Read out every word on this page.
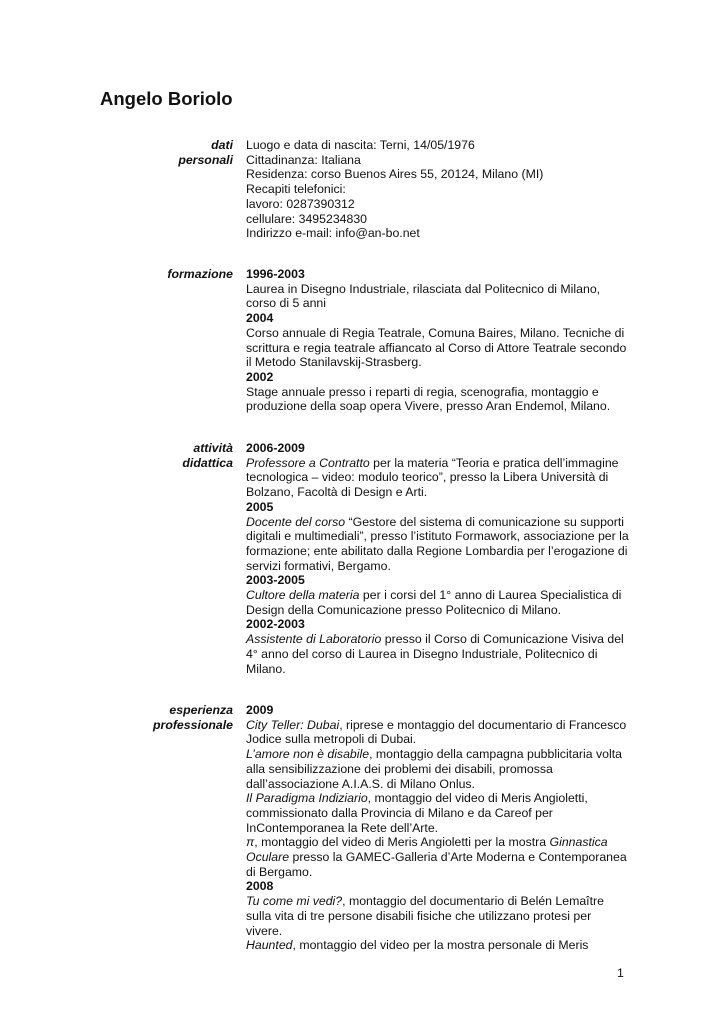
Angelo Boriolo
dati
personali
Luogo e data di nascita: Terni, 14/05/1976
Cittadinanza: Italiana
Residenza: corso Buenos Aires 55, 20124, Milano (MI)
Recapiti telefonici:
lavoro: 0287390312
cellulare: 3495234830
Indirizzo e-mail: info@an-bo.net
formazione 1996-2003
Laurea in Disegno Industriale, rilasciata dal Politecnico di Milano,
corso di 5 anni
2004
Corso annuale di Regia Teatrale, Comuna Baires, Milano. Tecniche di
scrittura e regia teatrale affiancato al Corso di Attore Teatrale secondo
il Metodo Stanilavskij-Strasberg.
2002
Stage annuale presso i reparti di regia, scenografia, montaggio e
produzione della soap opera Vivere, presso Aran Endemol, Milano.
attività
didattica
2006-2009
Professore a Contratto per la materia “Teoria e pratica dell’immagine
tecnologica – video: modulo teorico”, presso la Libera Università di
Bolzano, Facoltà di Design e Arti.
2005
Docente del corso “Gestore del sistema di comunicazione su supporti
digitali e multimediali”, presso l’istituto Formawork, associazione per la
formazione; ente abilitato dalla Regione Lombardia per l’erogazione di
servizi formativi, Bergamo.
2003-2005
Cultore della materia per i corsi del 1° anno di Laurea Specialistica di
Design della Comunicazione presso Politecnico di Milano.
2002-2003
Assistente di Laboratorio presso il Corso di Comunicazione Visiva del
4° anno del corso di Laurea in Disegno Industriale, Politecnico di
Milano.
esperienza
professionale
2009
City Teller: Dubai, riprese e montaggio del documentario di Francesco
Jodice sulla metropoli di Dubai.
L’amore non è disabile, montaggio della campagna pubblicitaria volta
alla sensibilizzazione dei problemi dei disabili, promossa
dall’associazione A.I.A.S. di Milano Onlus.
Il Paradigma Indiziario, montaggio del video di Meris Angioletti,
commissionato dalla Provincia di Milano e da Careof per
InContemporanea la Rete dell’Arte.
π, montaggio del video di Meris Angioletti per la mostra Ginnastica
Oculare presso la GAMEC-Galleria d’Arte Moderna e Contemporanea
di Bergamo.
2008
Tu come mi vedi?, montaggio del documentario di Belén Lemaître
sulla vita di tre persone disabili fisiche che utilizzano protesi per
vivere.
Haunted, montaggio del video per la mostra personale di Meris
1
